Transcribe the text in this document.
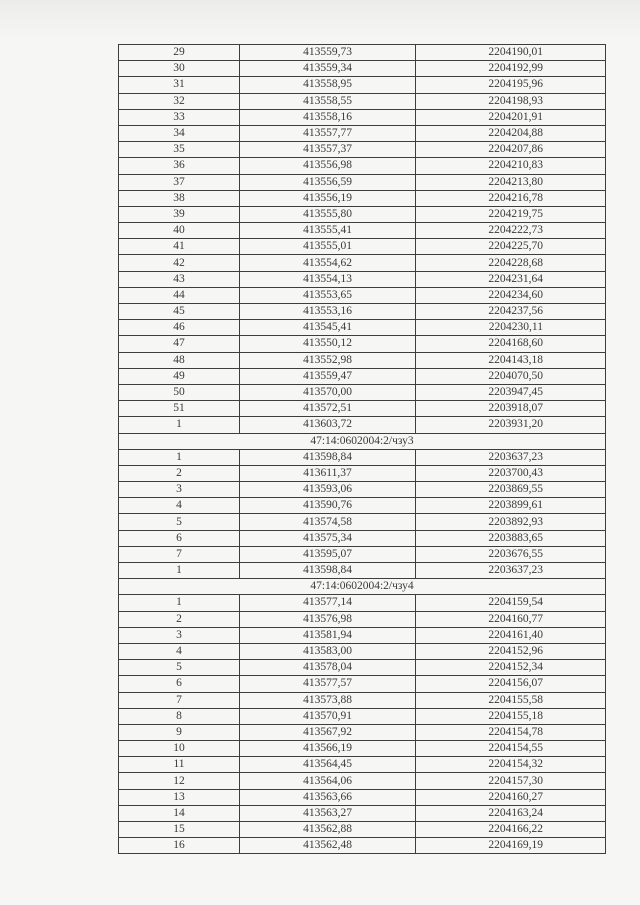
29	413559,73	2204190,01
30	413559,34	2204192,99
31	413558,95	2204195,96
32	413558,55	2204198,93
33	413558,16	2204201,91
34	413557,77	2204204,88
35	413557,37	2204207,86
36	413556,98	2204210,83
37	413556,59	2204213,80
38	413556,19	2204216,78
39	413555,80	2204219,75
40	413555,41	2204222,73
41	413555,01	2204225,70
42	413554,62	2204228,68
43	413554,13	2204231,64
44	413553,65	2204234,60
45	413553,16	2204237,56
46	413545,41	2204230,11
47	413550,12	2204168,60
48	413552,98	2204143,18
49	413559,47	2204070,50
50	413570,00	2203947,45
51	413572,51	2203918,07
1	413603,72	2203931,20
47:14:0602004:2/чзу3		
1	413598,84	2203637,23
2	413611,37	2203700,43
3	413593,06	2203869,55
4	413590,76	2203899,61
5	413574,58	2203892,93
6	413575,34	2203883,65
7	413595,07	2203676,55
1	413598,84	2203637,23
47:14:0602004:2/чзу4		
1	413577,14	2204159,54
2	413576,98	2204160,77
3	413581,94	2204161,40
4	413583,00	2204152,96
5	413578,04	2204152,34
6	413577,57	2204156,07
7	413573,88	2204155,58
8	413570,91	2204155,18
9	413567,92	2204154,78
10	413566,19	2204154,55
11	413564,45	2204154,32
12	413564,06	2204157,30
13	413563,66	2204160,27
14	413563,27	2204163,24
15	413562,88	2204166,22
16	413562,48	2204169,19
